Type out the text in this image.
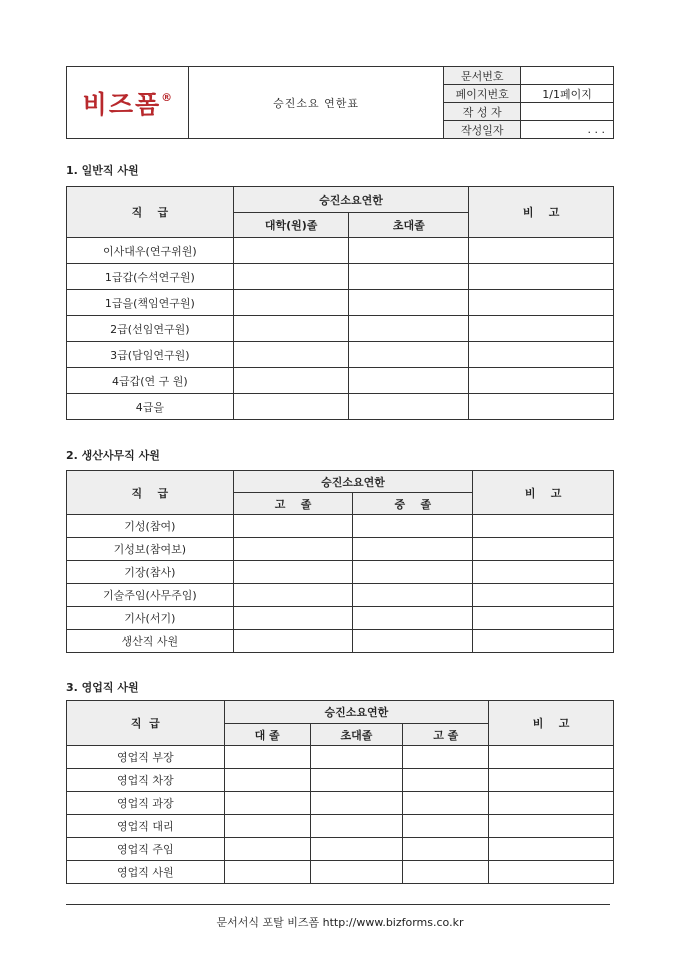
비즈폼®	승진소요 연한표	문서번호	
		페이지번호	1/1페이지
		작 성 자	
		작성일자	. . .
1. 일반직 사원
직    급	승진소요연한		비    고
	대학(원)졸	초대졸	
이사대우(연구위원)			
1급갑(수석연구원)			
1급을(책임연구원)			
2급(선임연구원)			
3급(담임연구원)			
4급갑(연 구 원)			
4급을			
2. 생산사무직 사원
직    급	승진소요연한		비    고
	고    졸	중    졸	
기성(참여)			
기성보(참여보)			
기장(참사)			
기술주임(사무주임)			
기사(서기)			
생산직 사원			
3. 영업직 사원
직  급	승진소요연한			비    고
	대 졸	초대졸	고 졸	
영업직 부장				
영업직 차장				
영업직 과장				
영업직 대리				
영업직 주임				
영업직 사원				
문서서식 포탈 비즈폼 http://www.bizforms.co.kr
